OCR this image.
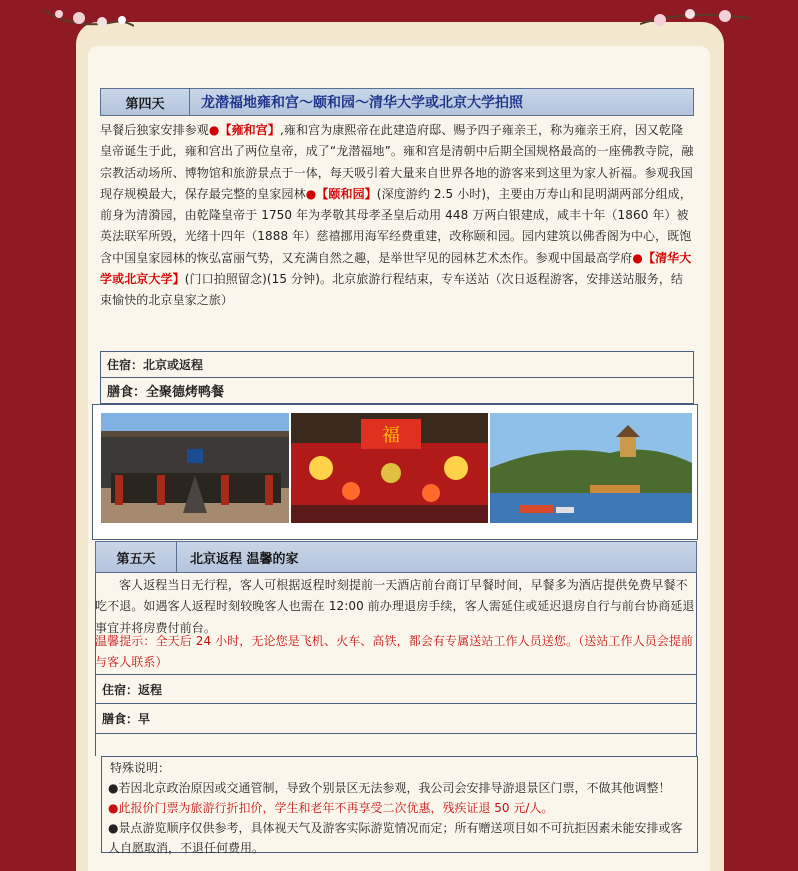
第四天	龙潜福地雍和宫～颐和园～清华大学或北京大学拍照
早餐后独家安排参观●【雍和宫】,雍和宫为康熙帝在此建造府邸、赐予四子雍亲王，称为雍亲王府，因又乾隆皇帝诞生于此，雍和宫出了两位皇帝，成了“龙潜福地”。雍和宫是清朝中后期全国规格最高的一座佛教寺院，融宗教活动场所、博物馆和旅游景点于一体，每天吸引着大量来自世界各地的游客来到这里为家人祈福。参观我国现存规模最大，保存最完整的皇家园林●【颐和园】(深度游约 2.5 小时)，主要由万寿山和昆明湖两部分组成，前身为清漪园，由乾隆皇帝于 1750 年为孝敬其母孝圣皇后动用 448 万两白银建成，咸丰十年（1860 年）被英法联军所毁，光绪十四年（1888 年）慈禧挪用海军经费重建，改称颐和园。园内建筑以佛香阁为中心，既饱含中国皇家园林的恢弘富丽气势，又充满自然之趣，是举世罕见的园林艺术杰作。参观中国最高学府●【清华大学或北京大学】(门口拍照留念)(15 分钟)。北京旅游行程结束，专车送站（次日返程游客，安排送站服务，结束愉快的北京皇家之旅）
住宿：北京或返程
膳食：全聚德烤鸭餐
福
第五天	北京返程 温馨的家
客人返程当日无行程，客人可根据返程时刻提前一天酒店前台商订早餐时间，早餐多为酒店提供免费早餐不吃不退。如遇客人返程时刻较晚客人也需在 12:00 前办理退房手续，客人需延住或延迟退房自行与前台协商延退事宜并将房费付前台。
温馨提示：全天后 24 小时，无论您是飞机、火车、高铁，都会有专属送站工作人员送您。（送站工作人员会提前与客人联系）
住宿：返程
膳食：早
特殊说明：
●若因北京政治原因或交通管制，导致个别景区无法参观，我公司会安排导游退景区门票，不做其他调整！
●此报价门票为旅游行折扣价，学生和老年不再享受二次优惠，残疾证退 50 元/人。
●景点游览顺序仅供参考，具体视天气及游客实际游览情况而定；所有赠送项目如不可抗拒因素未能安排或客人自愿取消，不退任何费用。
